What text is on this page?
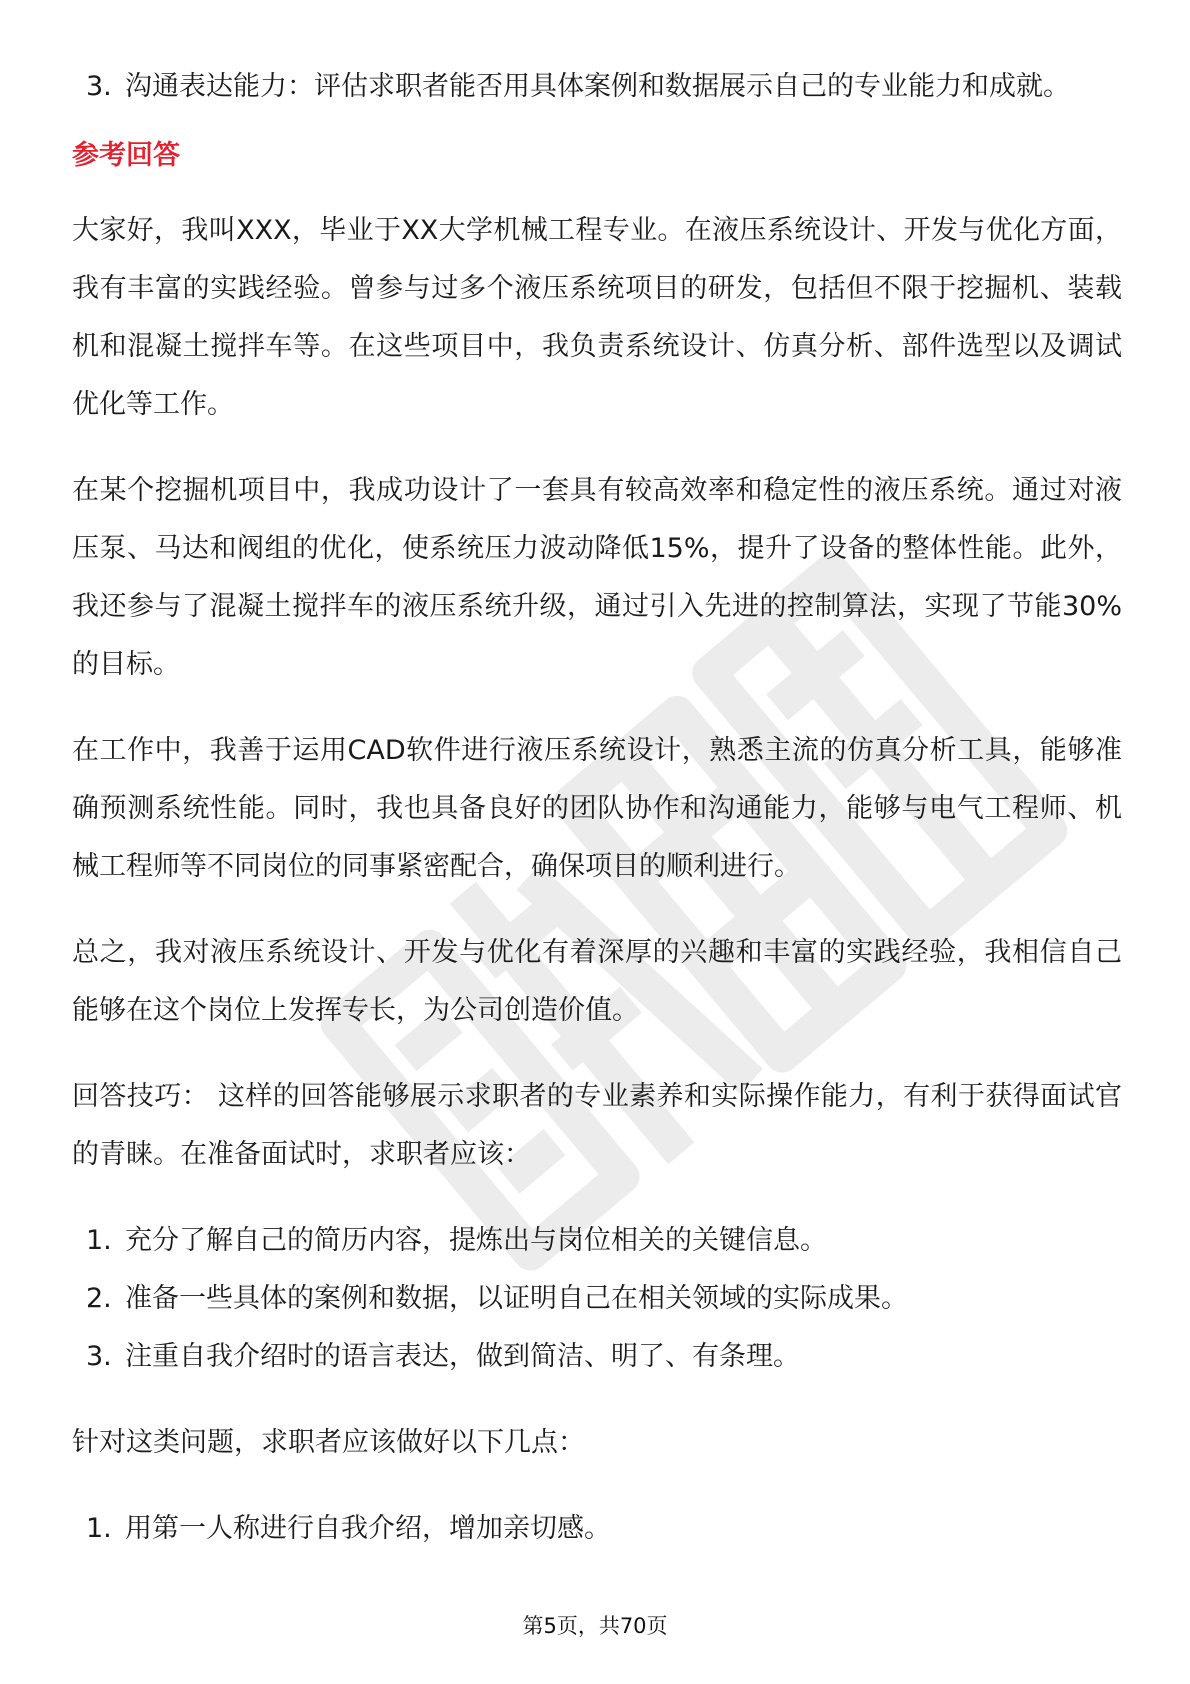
3. 沟通表达能力：评估求职者能否用具体案例和数据展示自己的专业能力和成就。
参考回答

大家好，我叫XXX，毕业于XX大学机械工程专业。在液压系统设计、开发与优化方面，我有丰富的实践经验。曾参与过多个液压系统项目的研发，包括但不限于挖掘机、装载机和混凝土搅拌车等。在这些项目中，我负责系统设计、仿真分析、部件选型以及调试优化等工作。

在某个挖掘机项目中，我成功设计了一套具有较高效率和稳定性的液压系统。通过对液压泵、马达和阀组的优化，使系统压力波动降低15%，提升了设备的整体性能。此外，我还参与了混凝土搅拌车的液压系统升级，通过引入先进的控制算法，实现了节能30%的目标。

在工作中，我善于运用CAD软件进行液压系统设计，熟悉主流的仿真分析工具，能够准确预测系统性能。同时，我也具备良好的团队协作和沟通能力，能够与电气工程师、机械工程师等不同岗位的同事紧密配合，确保项目的顺利进行。

总之，我对液压系统设计、开发与优化有着深厚的兴趣和丰富的实践经验，我相信自己能够在这个岗位上发挥专长，为公司创造价值。

回答技巧： 这样的回答能够展示求职者的专业素养和实际操作能力，有利于获得面试官的青睐。在准备面试时，求职者应该：

1. 充分了解自己的简历内容，提炼出与岗位相关的关键信息。
2. 准备一些具体的案例和数据，以证明自己在相关领域的实际成果。
3. 注重自我介绍时的语言表达，做到简洁、明了、有条理。

针对这类问题，求职者应该做好以下几点：

1. 用第一人称进行自我介绍，增加亲切感。
第5页，共70页
